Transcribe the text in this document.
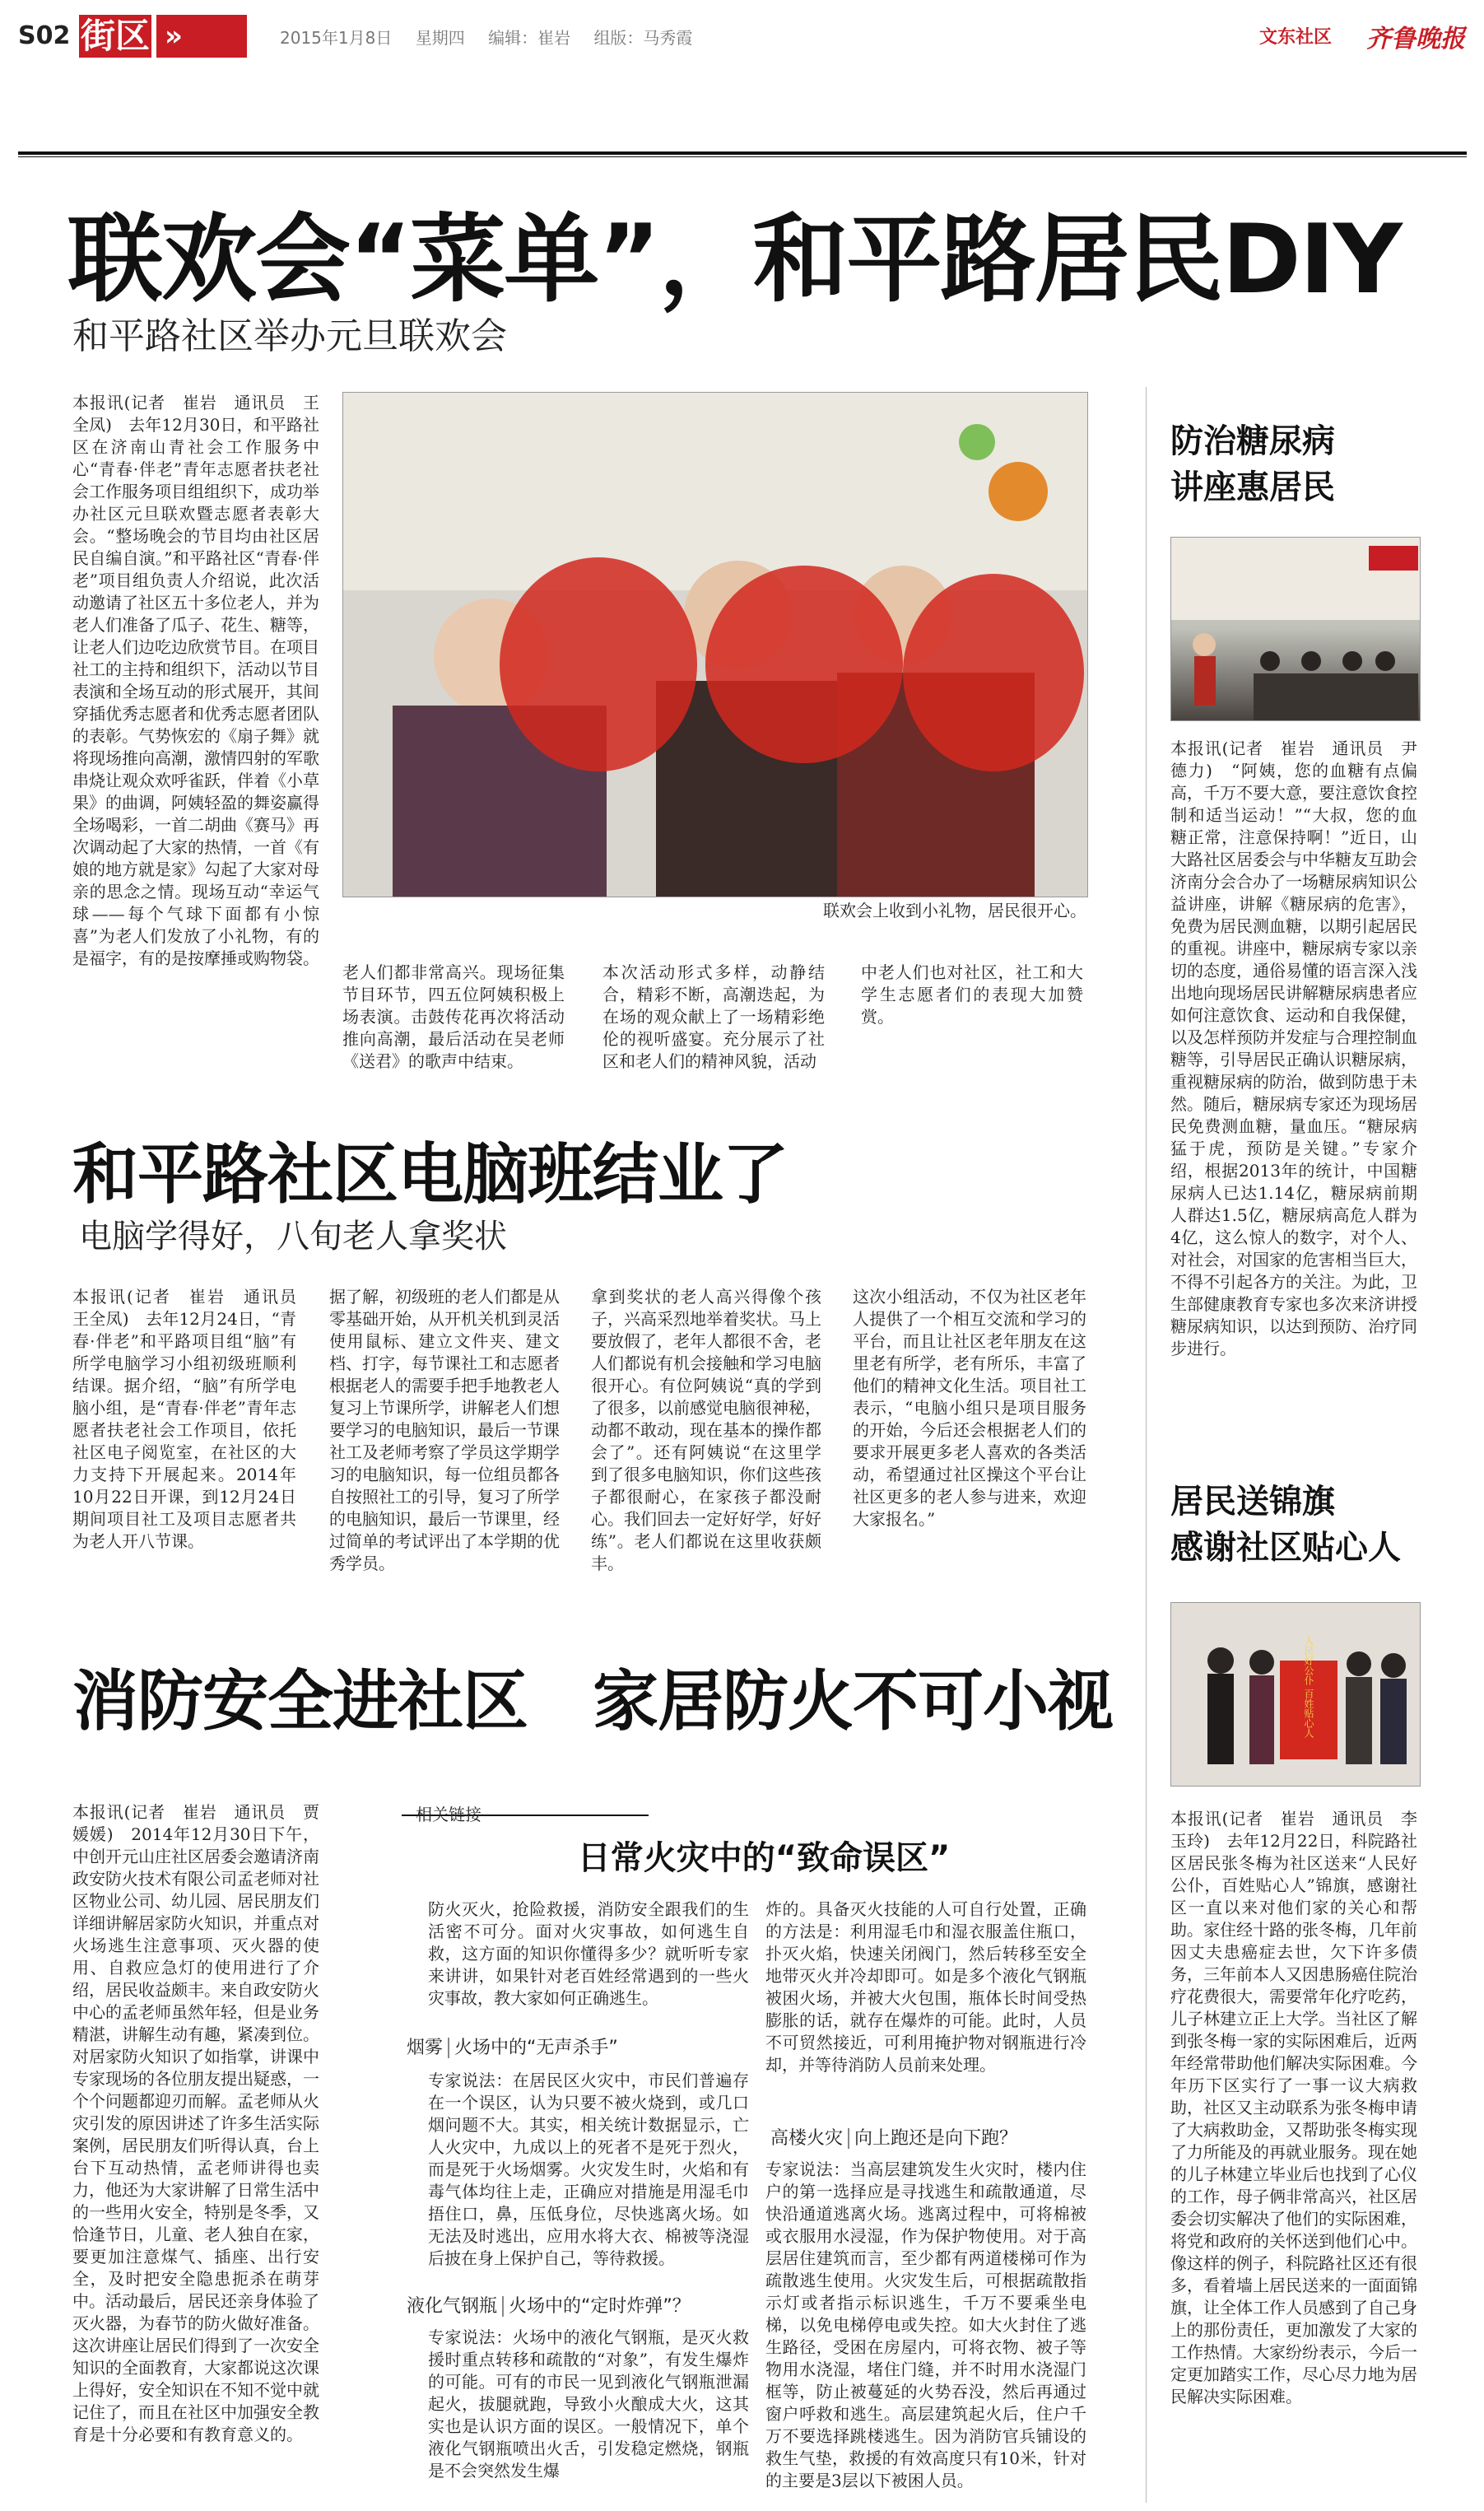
S02 街区 »	2015年1月8日 星期四 编辑：崔岩 组版：马秀霞	文东社区 齐鲁晚报
联欢会“菜单”，和平路居民DIY
和平路社区举办元旦联欢会
本报讯(记者　崔岩　通讯员　王全凤)　去年12月30日，和平路社区在济南山青社会工作服务中心“青春·伴老”青年志愿者扶老社会工作服务项目组组织下，成功举办社区元旦联欢暨志愿者表彰大会。“整场晚会的节目均由社区居民自编自演。”和平路社区“青春·伴老”项目组负责人介绍说，此次活动邀请了社区五十多位老人，并为老人们准备了瓜子、花生、糖等，让老人们边吃边欣赏节目。在项目社工的主持和组织下，活动以节目表演和全场互动的形式展开，其间穿插优秀志愿者和优秀志愿者团队的表彰。气势恢宏的《扇子舞》就将现场推向高潮，激情四射的军歌串烧让观众欢呼雀跃，伴着《小草果》的曲调，阿姨轻盈的舞姿赢得全场喝彩，一首二胡曲《赛马》再次调动起了大家的热情，一首《有娘的地方就是家》勾起了大家对母亲的思念之情。现场互动“幸运气球——每个气球下面都有小惊喜”为老人们发放了小礼物，有的是福字，有的是按摩捶或购物袋。
联欢会上收到小礼物，居民很开心。
老人们都非常高兴。现场征集节目环节，四五位阿姨积极上场表演。击鼓传花再次将活动推向高潮，最后活动在吴老师《送君》的歌声中结束。
本次活动形式多样，动静结合，精彩不断，高潮迭起，为在场的观众献上了一场精彩绝伦的视听盛宴。充分展示了社区和老人们的精神风貌，活动
中老人们也对社区，社工和大学生志愿者们的表现大加赞赏。
和平路社区电脑班结业了
电脑学得好，八旬老人拿奖状
本报讯(记者　崔岩　通讯员　王全凤)　去年12月24日，“青春·伴老”和平路项目组“脑”有所学电脑学习小组初级班顺利结课。据介绍，“脑”有所学电脑小组，是“青春·伴老”青年志愿者扶老社会工作项目，依托社区电子阅览室，在社区的大力支持下开展起来。2014年10月22日开课，到12月24日期间项目社工及项目志愿者共为老人开八节课。
据了解，初级班的老人们都是从零基础开始，从开机关机到灵活使用鼠标、建立文件夹、建文档、打字，每节课社工和志愿者根据老人的需要手把手地教老人复习上节课所学，讲解老人们想要学习的电脑知识，最后一节课社工及老师考察了学员这学期学习的电脑知识，每一位组员都各自按照社工的引导，复习了所学的电脑知识，最后一节课里，经过简单的考试评出了本学期的优秀学员。
拿到奖状的老人高兴得像个孩子，兴高采烈地举着奖状。马上要放假了，老年人都很不舍，老人们都说有机会接触和学习电脑很开心。有位阿姨说“真的学到了很多，以前感觉电脑很神秘，动都不敢动，现在基本的操作都会了”。还有阿姨说“在这里学到了很多电脑知识，你们这些孩子都很耐心，在家孩子都没耐心。我们回去一定好好学，好好练”。老人们都说在这里收获颇丰。
这次小组活动，不仅为社区老年人提供了一个相互交流和学习的平台，而且让社区老年朋友在这里老有所学，老有所乐，丰富了他们的精神文化生活。项目社工表示，“电脑小组只是项目服务的开始，今后还会根据老人们的要求开展更多老人喜欢的各类活动，希望通过社区操这个平台让社区更多的老人参与进来，欢迎大家报名。”
消防安全进社区　家居防火不可小视
本报讯(记者　崔岩　通讯员　贾媛媛)　2014年12月30日下午，中创开元山庄社区居委会邀请济南政安防火技术有限公司孟老师对社区物业公司、幼儿园、居民朋友们详细讲解居家防火知识，并重点对火场逃生注意事项、灭火器的使用、自救应急灯的使用进行了介绍，居民收益颇丰。来自政安防火中心的孟老师虽然年轻，但是业务精湛，讲解生动有趣，紧凑到位。对居家防火知识了如指掌，讲课中专家现场的各位朋友提出疑惑，一个个问题都迎刃而解。孟老师从火灾引发的原因讲述了许多生活实际案例，居民朋友们听得认真，台上台下互动热情，孟老师讲得也卖力，他还为大家讲解了日常生活中的一些用火安全，特别是冬季，又恰逢节日，儿童、老人独自在家，要更加注意煤气、插座、出行安全，及时把安全隐患扼杀在萌芽中。活动最后，居民还亲身体验了灭火器，为春节的防火做好准备。这次讲座让居民们得到了一次安全知识的全面教育，大家都说这次课上得好，安全知识在不知不觉中就记住了，而且在社区中加强安全教育是十分必要和有教育意义的。
相关链接
日常火灾中的“致命误区”
防火灭火，抢险救援，消防安全跟我们的生活密不可分。面对火灾事故，如何逃生自救，这方面的知识你懂得多少？就听听专家来讲讲，如果针对老百姓经常遇到的一些火灾事故，教大家如何正确逃生。
烟雾 火场中的“无声杀手”
专家说法：在居民区火灾中，市民们普遍存在一个误区，认为只要不被火烧到，或几口烟问题不大。其实，相关统计数据显示，亡人火灾中，九成以上的死者不是死于烈火，而是死于火场烟雾。火灾发生时，火焰和有毒气体均往上走，正确应对措施是用湿毛巾捂住口，鼻，压低身位，尽快逃离火场。如无法及时逃出，应用水将大衣、棉被等浇湿后披在身上保护自己，等待救援。
液化气钢瓶 火场中的“定时炸弹”？
专家说法：火场中的液化气钢瓶，是灭火救援时重点转移和疏散的“对象”，有发生爆炸的可能。可有的市民一见到液化气钢瓶泄漏起火，拔腿就跑，导致小火酿成大火，这其实也是认识方面的误区。一般情况下，单个液化气钢瓶喷出火舌，引发稳定燃烧，钢瓶是不会突然发生爆
炸的。具备灭火技能的人可自行处置，正确的方法是：利用湿毛巾和湿衣服盖住瓶口，扑灭火焰，快速关闭阀门，然后转移至安全地带灭火并冷却即可。如是多个液化气钢瓶被困火场，并被大火包围，瓶体长时间受热膨胀的话，就存在爆炸的可能。此时，人员不可贸然接近，可利用掩护物对钢瓶进行冷却，并等待消防人员前来处理。
高楼火灾 向上跑还是向下跑？
专家说法：当高层建筑发生火灾时，楼内住户的第一选择应是寻找逃生和疏散通道，尽快沿通道逃离火场。逃离过程中，可将棉被或衣服用水浸湿，作为保护物使用。对于高层居住建筑而言，至少都有两道楼梯可作为疏散逃生使用。火灾发生后，可根据疏散指示灯或者指示标识逃生，千万不要乘坐电梯，以免电梯停电或失控。如大火封住了逃生路径，受困在房屋内，可将衣物、被子等物用水浇湿，堵住门缝，并不时用水浇湿门框等，防止被蔓延的火势吞没，然后再通过窗户呼救和逃生。高层建筑起火后，住户千万不要选择跳楼逃生。因为消防官兵铺设的救生气垫，救援的有效高度只有10米，针对的主要是3层以下被困人员。
防治糖尿病
讲座惠居民
本报讯(记者　崔岩　通讯员　尹德力)　“阿姨，您的血糖有点偏高，千万不要大意，要注意饮食控制和适当运动！”“大叔，您的血糖正常，注意保持啊！”近日，山大路社区居委会与中华糖友互助会济南分会合办了一场糖尿病知识公益讲座，讲解《糖尿病的危害》，免费为居民测血糖，以期引起居民的重视。讲座中，糖尿病专家以亲切的态度，通俗易懂的语言深入浅出地向现场居民讲解糖尿病患者应如何注意饮食、运动和自我保健，以及怎样预防并发症与合理控制血糖等，引导居民正确认识糖尿病，重视糖尿病的防治，做到防患于未然。随后，糖尿病专家还为现场居民免费测血糖，量血压。“糖尿病猛于虎，预防是关键。”专家介绍，根据2013年的统计，中国糖尿病人已达1.14亿，糖尿病前期人群达1.5亿，糖尿病高危人群为4亿，这么惊人的数字，对个人、对社会，对国家的危害相当巨大，不得不引起各方的关注。为此，卫生部健康教育专家也多次来济讲授糖尿病知识，以达到预防、治疗同步进行。
居民送锦旗
感谢社区贴心人
人民好公仆 百姓贴心人
本报讯(记者　崔岩　通讯员　李玉玲)　去年12月22日，科院路社区居民张冬梅为社区送来“人民好公仆，百姓贴心人”锦旗，感谢社区一直以来对他们家的关心和帮助。家住经十路的张冬梅，几年前因丈夫患癌症去世，欠下许多债务，三年前本人又因患肠癌住院治疗花费很大，需要常年化疗吃药，儿子林建立正上大学。当社区了解到张冬梅一家的实际困难后，近两年经常带助他们解决实际困难。今年历下区实行了一事一议大病救助，社区又主动联系为张冬梅申请了大病救助金，又帮助张冬梅实现了力所能及的再就业服务。现在她的儿子林建立毕业后也找到了心仪的工作，母子俩非常高兴，社区居委会切实解决了他们的实际困难，将党和政府的关怀送到他们心中。像这样的例子，科院路社区还有很多，看着墙上居民送来的一面面锦旗，让全体工作人员感到了自己身上的那份责任，更加激发了大家的工作热情。大家纷纷表示，今后一定更加踏实工作，尽心尽力地为居民解决实际困难。
